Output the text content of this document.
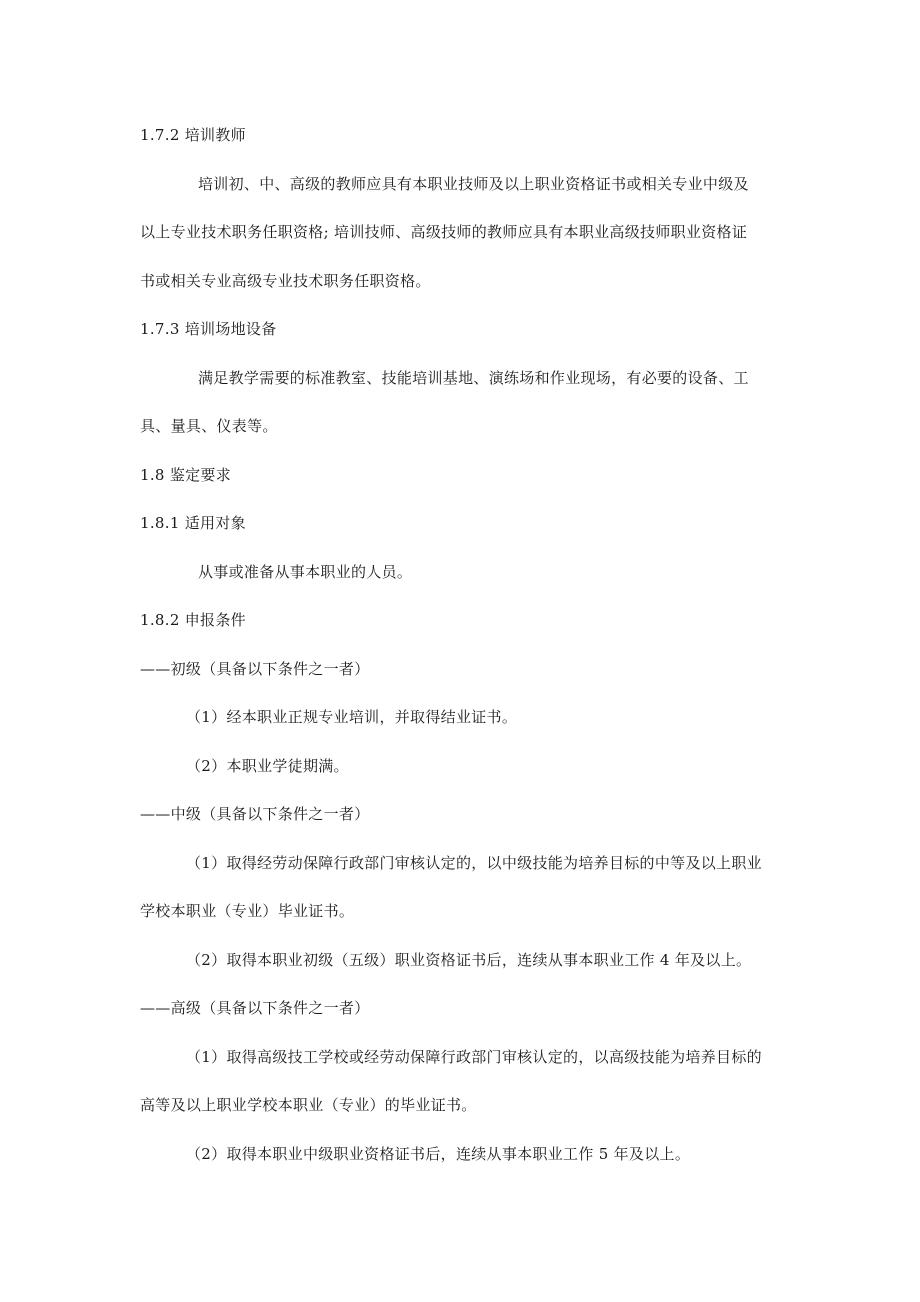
1.7.2 培训教师
培训初、中、高级的教师应具有本职业技师及以上职业资格证书或相关专业中级及
以上专业技术职务任职资格; 培训技师、高级技师的教师应具有本职业高级技师职业资格证
书或相关专业高级专业技术职务任职资格。
1.7.3 培训场地设备
满足教学需要的标准教室、技能培训基地、演练场和作业现场，有必要的设备、工
具、量具、仪表等。
1.8 鉴定要求
1.8.1 适用对象
从事或准备从事本职业的人员。
1.8.2 申报条件
——初级（具备以下条件之一者）
（1）经本职业正规专业培训，并取得结业证书。
（2）本职业学徒期满。
——中级（具备以下条件之一者）
（1）取得经劳动保障行政部门审核认定的，以中级技能为培养目标的中等及以上职业
学校本职业（专业）毕业证书。
（2）取得本职业初级（五级）职业资格证书后，连续从事本职业工作 4 年及以上。
——高级（具备以下条件之一者）
（1）取得高级技工学校或经劳动保障行政部门审核认定的，以高级技能为培养目标的
高等及以上职业学校本职业（专业）的毕业证书。
（2）取得本职业中级职业资格证书后，连续从事本职业工作 5 年及以上。
